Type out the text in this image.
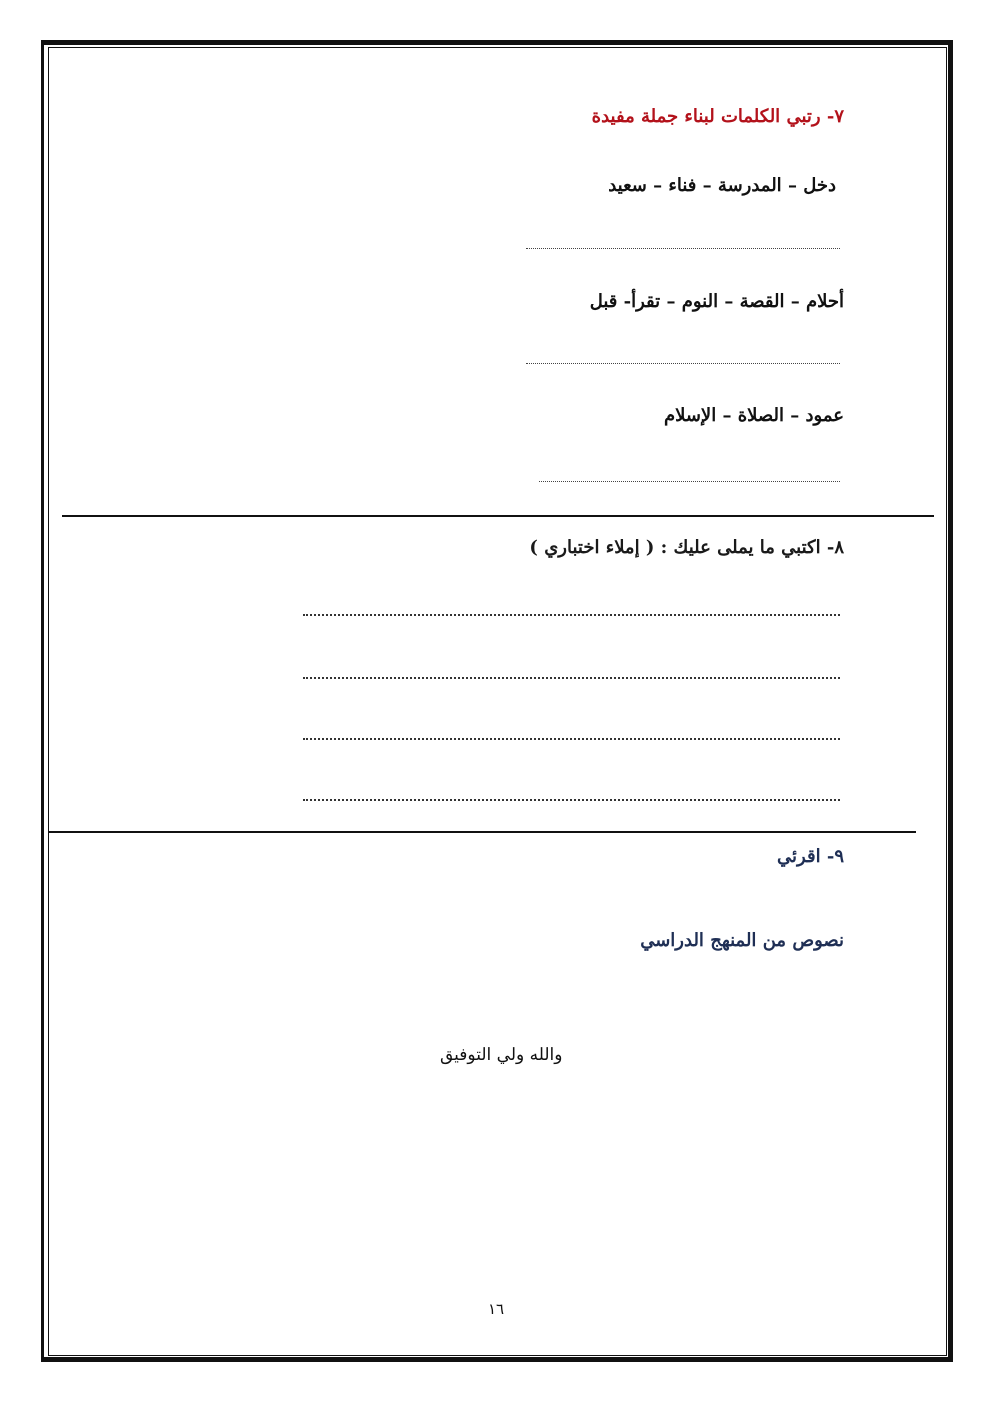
٧- رتبي الكلمات لبناء جملة مفيدة
دخل – المدرسة – فناء – سعيد
أحلام – القصة – النوم – تقرأ- قبل
عمود – الصلاة – الإسلام
٨- اكتبي ما يملى عليك : ( إملاء اختباري )
٩- اقرئي
نصوص من المنهج الدراسي
والله ولي التوفيق
١٦
